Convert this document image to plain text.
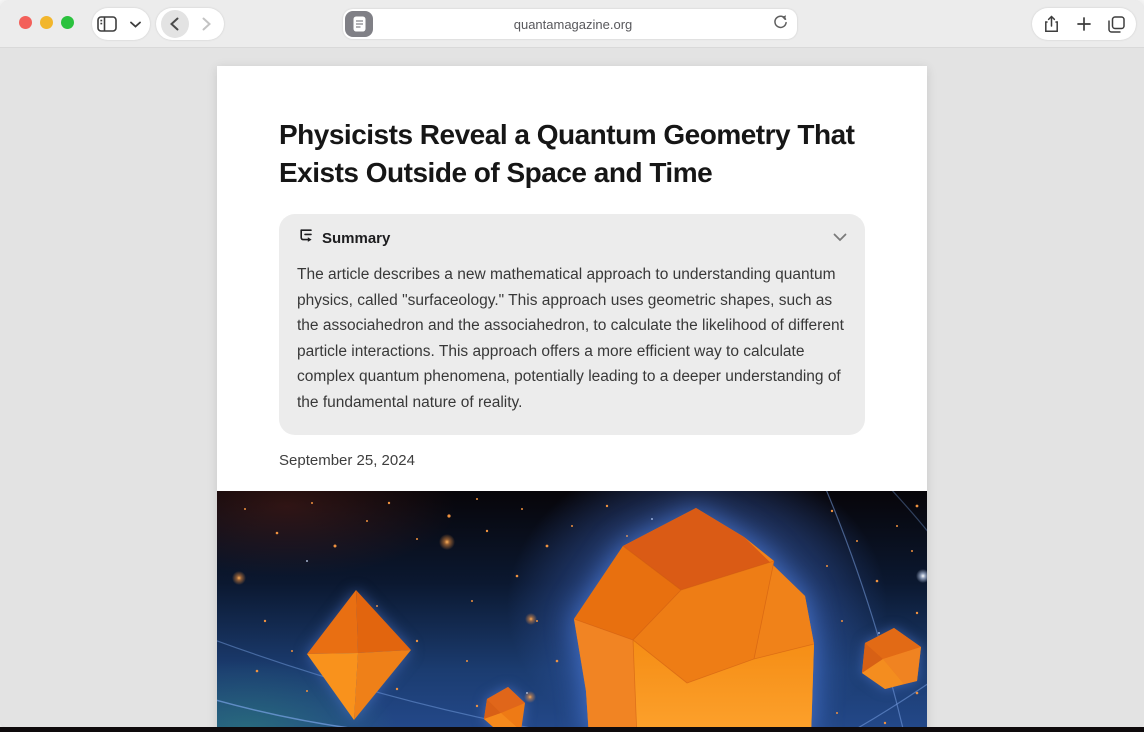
quantamagazine.org
Physicists Reveal a Quantum Geometry That Exists Outside of Space and Time
Summary
The article describes a new mathematical approach to understanding quantum physics, called "surfaceology." This approach uses geometric shapes, such as the associahedron and the associahedron, to calculate the likelihood of different particle interactions. This approach offers a more efficient way to calculate complex quantum phenomena, potentially leading to a deeper understanding of the fundamental nature of reality.
September 25, 2024
